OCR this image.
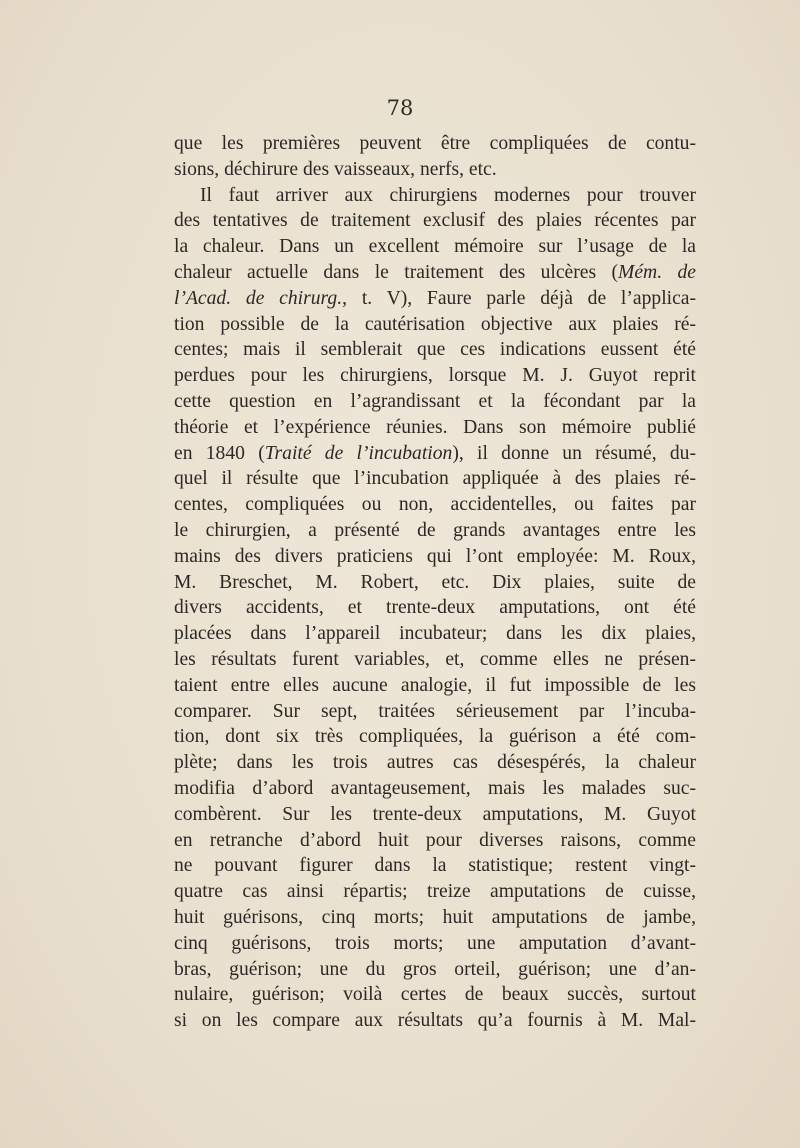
78
que les premières peuvent être compliquées de contu-
sions, déchirure des vaisseaux, nerfs, etc.
Il faut arriver aux chirurgiens modernes pour trouver
des tentatives de traitement exclusif des plaies récentes par
la chaleur. Dans un excellent mémoire sur l’usage de la
chaleur actuelle dans le traitement des ulcères (Mém. de
l’Acad. de chirurg., t. V), Faure parle déjà de l’applica-
tion possible de la cautérisation objective aux plaies ré-
centes; mais il semblerait que ces indications eussent été
perdues pour les chirurgiens, lorsque M. J. Guyot reprit
cette question en l’agrandissant et la fécondant par la
théorie et l’expérience réunies. Dans son mémoire publié
en 1840 (Traité de l’incubation), il donne un résumé, du-
quel il résulte que l’incubation appliquée à des plaies ré-
centes, compliquées ou non, accidentelles, ou faites par
le chirurgien, a présenté de grands avantages entre les
mains des divers praticiens qui l’ont employée: M. Roux,
M. Breschet, M. Robert, etc. Dix plaies, suite de
divers accidents, et trente-deux amputations, ont été
placées dans l’appareil incubateur; dans les dix plaies,
les résultats furent variables, et, comme elles ne présen-
taient entre elles aucune analogie, il fut impossible de les
comparer. Sur sept, traitées sérieusement par l’incuba-
tion, dont six très compliquées, la guérison a été com-
plète; dans les trois autres cas désespérés, la chaleur
modifia d’abord avantageusement, mais les malades suc-
combèrent. Sur les trente-deux amputations, M. Guyot
en retranche d’abord huit pour diverses raisons, comme
ne pouvant figurer dans la statistique; restent vingt-
quatre cas ainsi répartis; treize amputations de cuisse,
huit guérisons, cinq morts; huit amputations de jambe,
cinq guérisons, trois morts; une amputation d’avant-
bras, guérison; une du gros orteil, guérison; une d’an-
nulaire, guérison; voilà certes de beaux succès, surtout
si on les compare aux résultats qu’a fournis à M. Mal-
